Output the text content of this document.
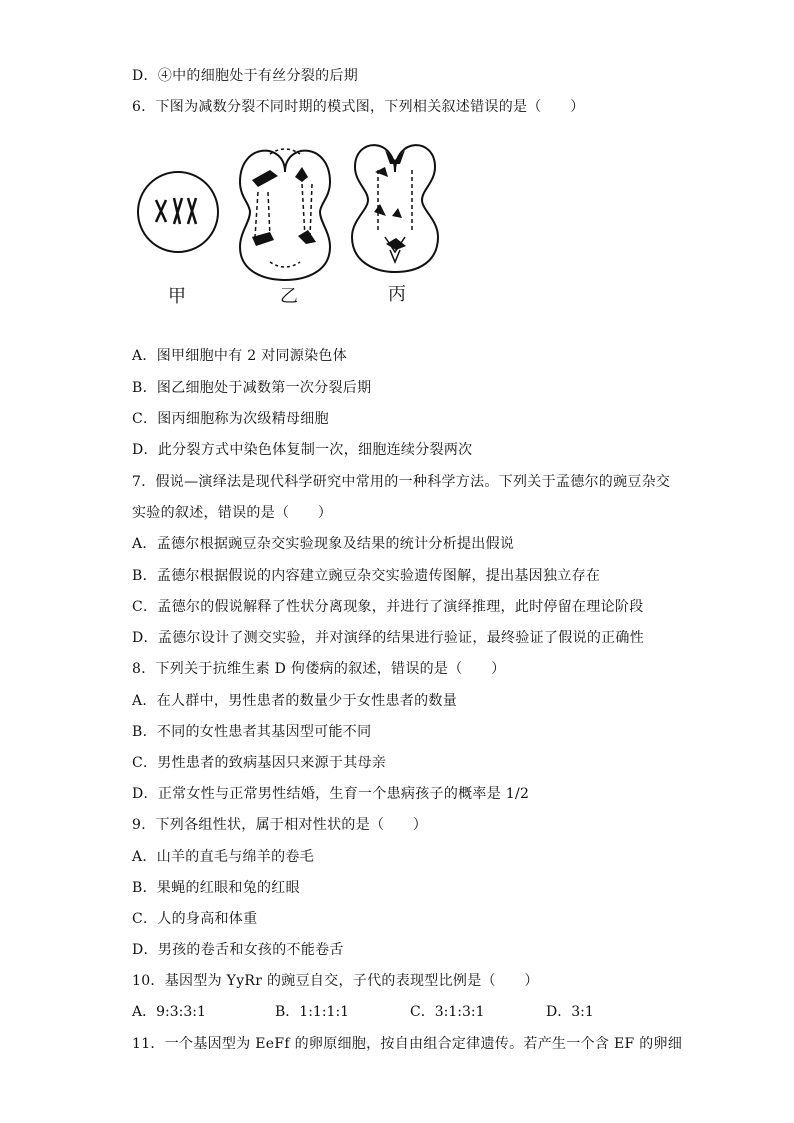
D．④中的细胞处于有丝分裂的后期
6．下图为减数分裂不同时期的模式图，下列相关叙述错误的是（　　）
甲	乙	丙
A．图甲细胞中有 2 对同源染色体
B．图乙细胞处于减数第一次分裂后期
C．图丙细胞称为次级精母细胞
D．此分裂方式中染色体复制一次，细胞连续分裂两次
7．假说—演绎法是现代科学研究中常用的一种科学方法。下列关于孟德尔的豌豆杂交
实验的叙述，错误的是（　　）
A．孟德尔根据豌豆杂交实验现象及结果的统计分析提出假说
B．孟德尔根据假说的内容建立豌豆杂交实验遗传图解，提出基因独立存在
C．孟德尔的假说解释了性状分离现象，并进行了演绎推理，此时停留在理论阶段
D．孟德尔设计了测交实验，并对演绎的结果进行验证，最终验证了假说的正确性
8．下列关于抗维生素 D 佝偻病的叙述，错误的是（　　）
A．在人群中，男性患者的数量少于女性患者的数量
B．不同的女性患者其基因型可能不同
C．男性患者的致病基因只来源于其母亲
D．正常女性与正常男性结婚，生育一个患病孩子的概率是 1/2
9．下列各组性状，属于相对性状的是（　　）
A．山羊的直毛与绵羊的卷毛
B．果蝇的红眼和兔的红眼
C．人的身高和体重
D．男孩的卷舌和女孩的不能卷舌
10．基因型为 YyRr 的豌豆自交，子代的表现型比例是（　　）
A．9:3:3:1	B．1:1:1:1	C．3:1:3:1	D．3:1
11．一个基因型为 EeFf 的卵原细胞，按自由组合定律遗传。若产生一个含 EF 的卵细
